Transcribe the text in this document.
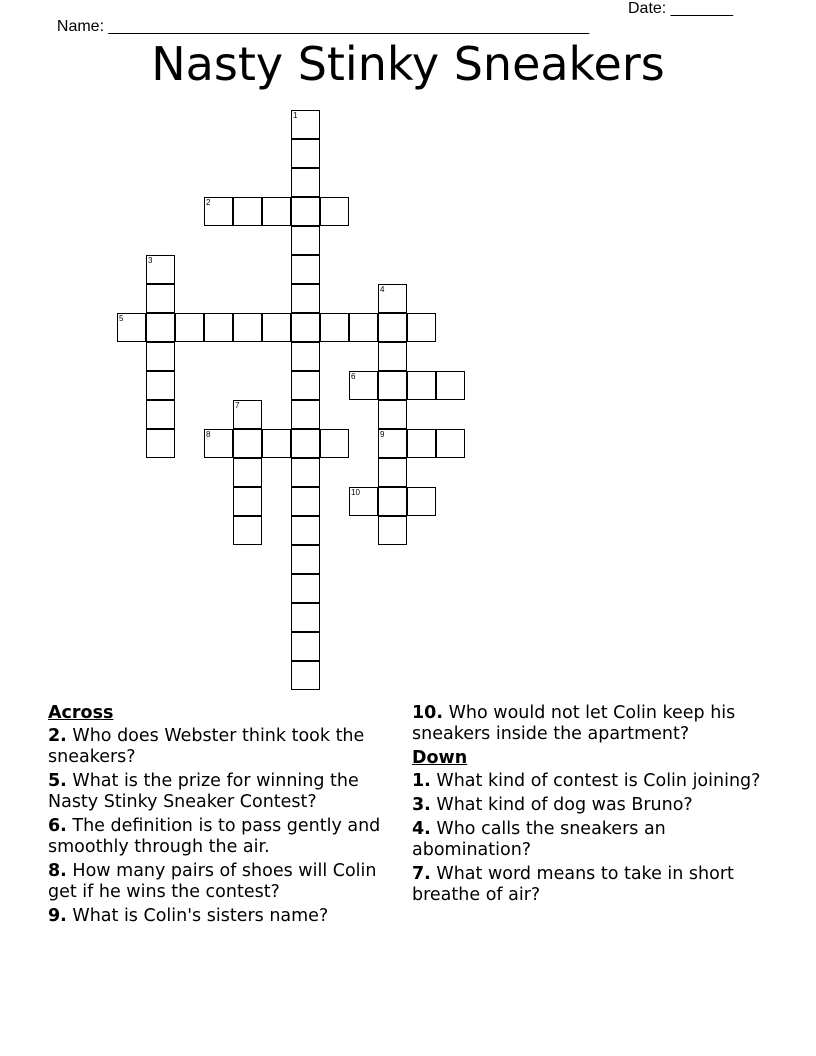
Name: ______________________________________________________

Date: _______

Nasty Stinky Sneakers
1
2
3
4
9
5
6
7
8
10
Across
2. Who does Webster think took the sneakers?
5. What is the prize for winning the Nasty Stinky Sneaker Contest?
6. The definition is to pass gently and smoothly through the air.
8. How many pairs of shoes will Colin get if he wins the contest?
9. What is Colin's sisters name?
10. Who would not let Colin keep his sneakers inside the apartment?
Down
1. What kind of contest is Colin joining?
3. What kind of dog was Bruno?
4. Who calls the sneakers an abomination?
7. What word means to take in short breathe of air?
